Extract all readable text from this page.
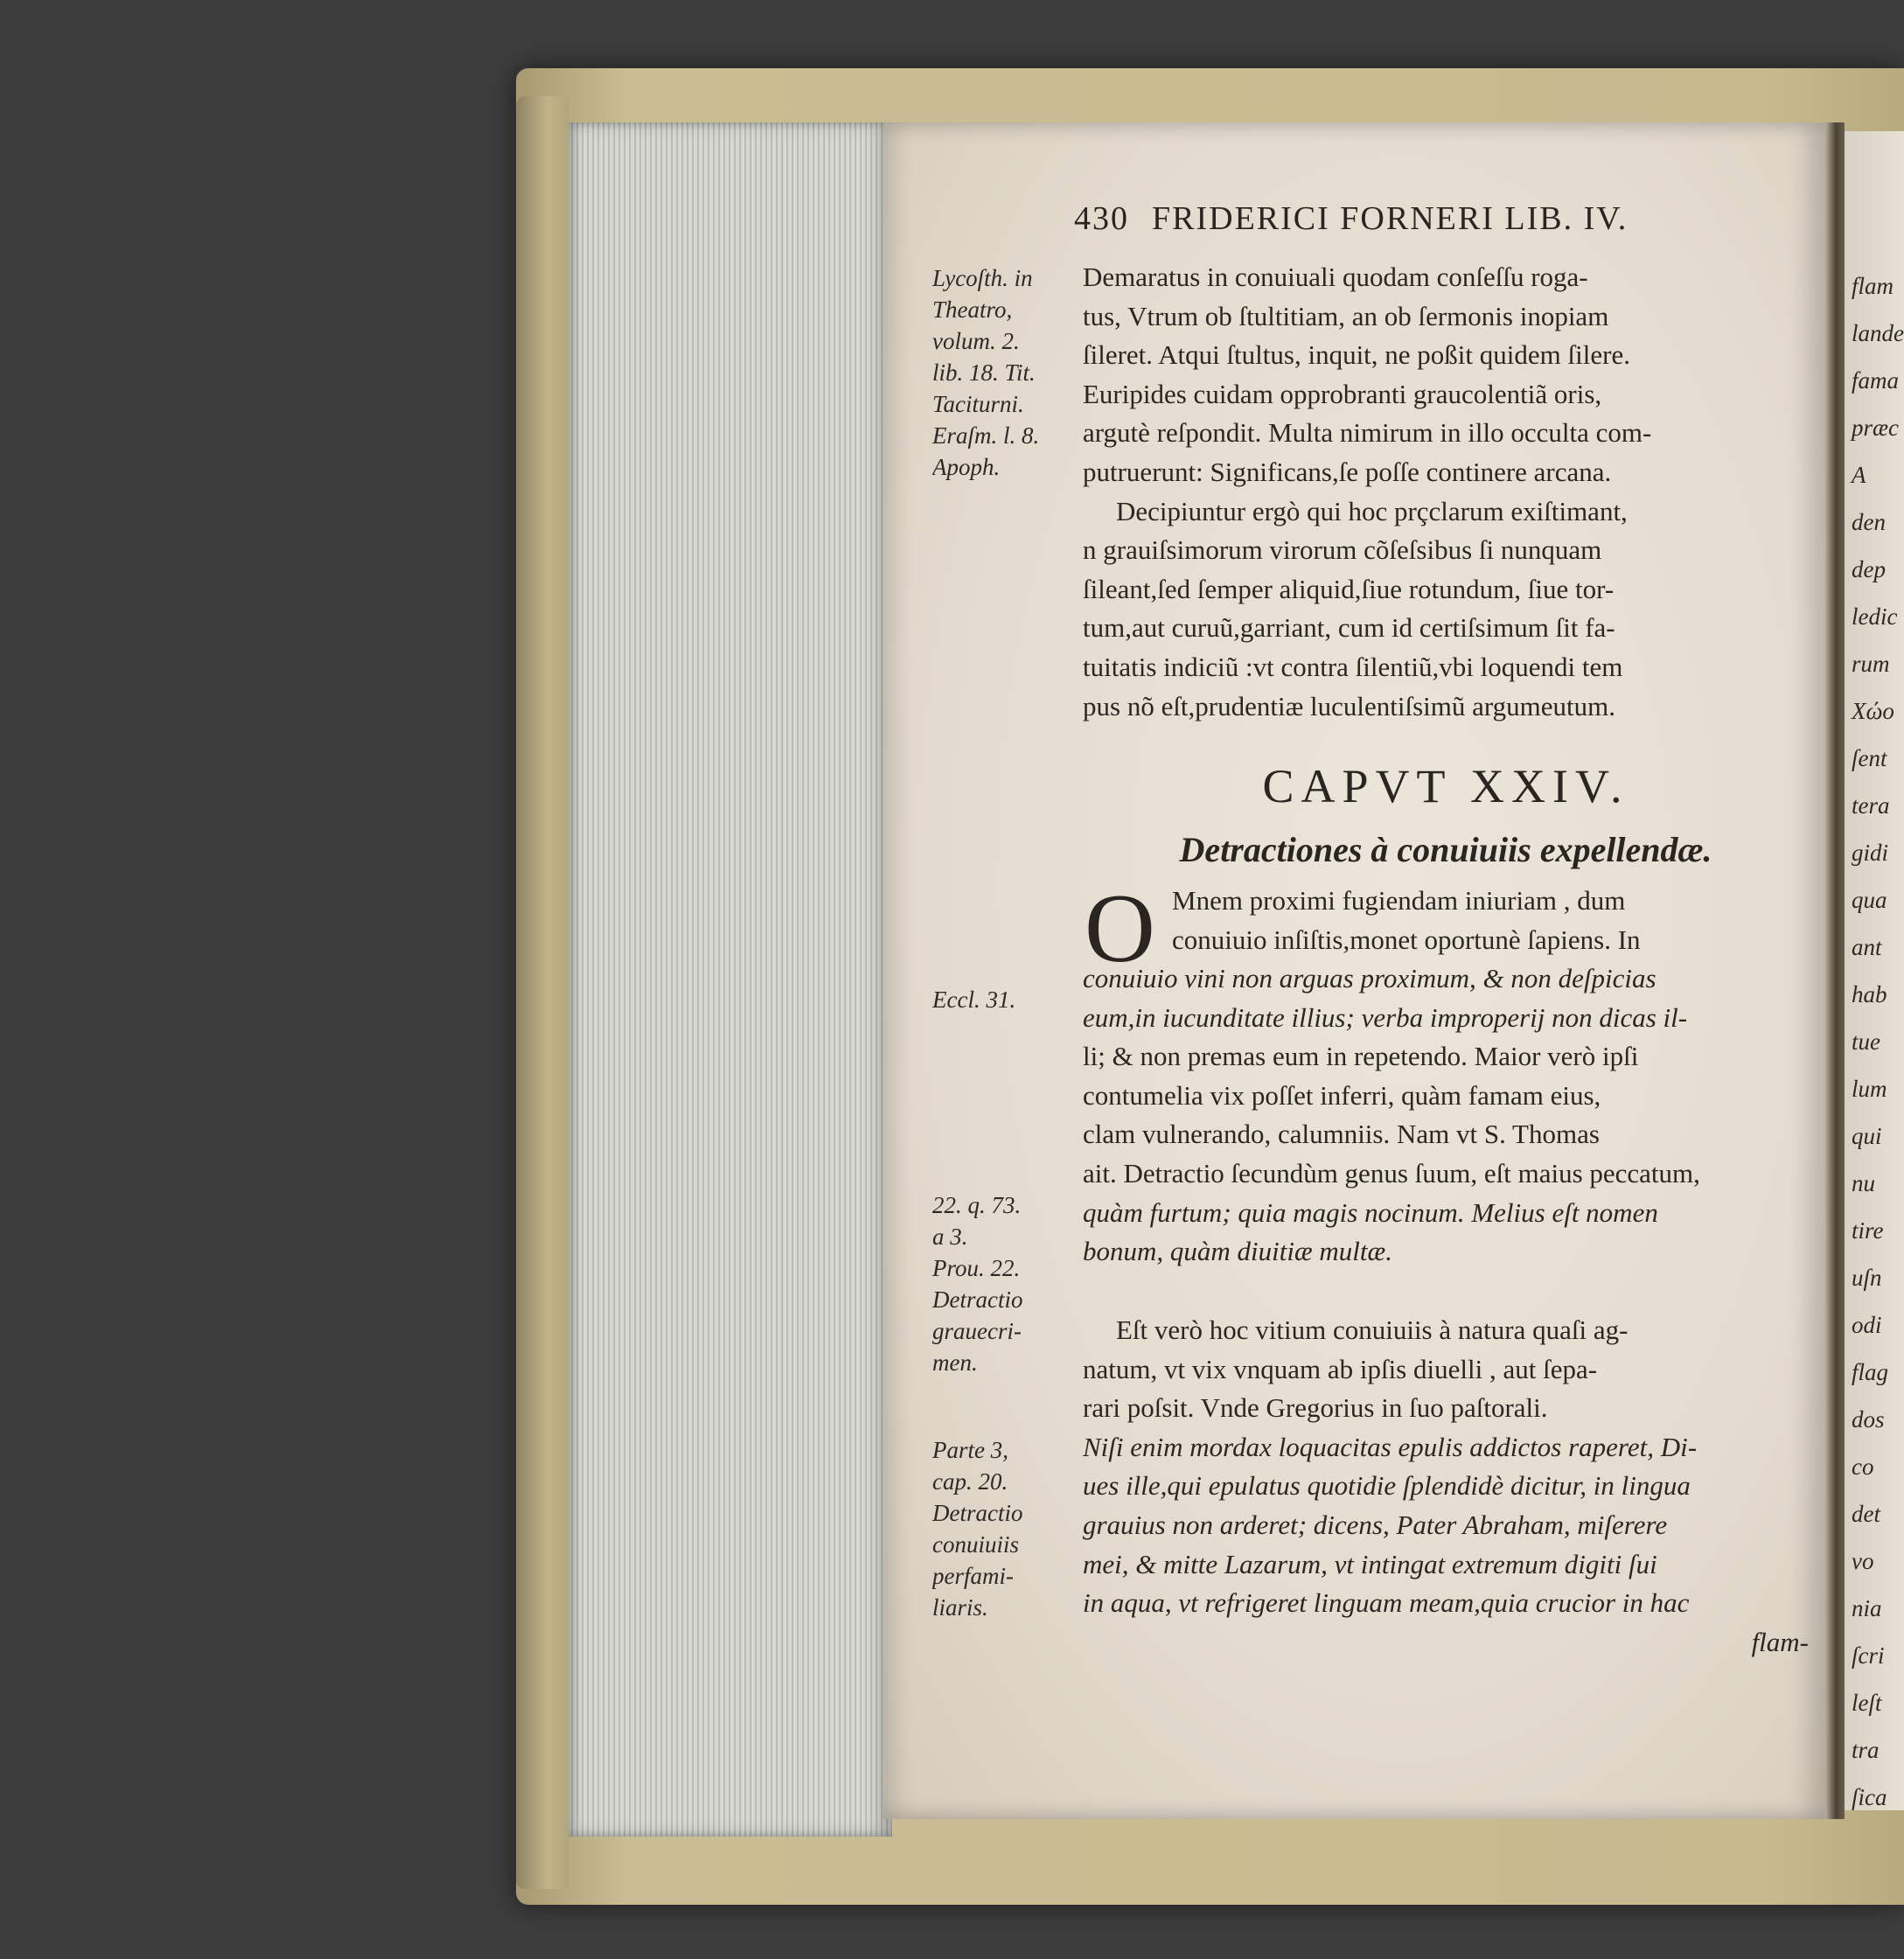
430 FRIDERICI FORNERI LIB. IV.
Demaratus in conuiuali quodam conſeſſu roga-
tus, Vtrum ob ſtultitiam, an ob ſermonis inopiam
ſileret. Atqui ſtultus, inquit, ne poßit quidem ſilere.
Euripides cuidam opprobranti graucolentiã oris,
argutè reſpondit. Multa nimirum in illo occulta com-
putruerunt: Significans,ſe poſſe continere arcana.
Decipiuntur ergò qui hoc prçclarum exiſtimant,
n grauiſsimorum virorum cõſeſsibus ſi nunquam
ſileant,ſed ſemper aliquid,ſiue rotundum, ſiue tor-
tum,aut curuũ,garriant, cum id certiſsimum ſit fa-
tuitatis indiciũ :vt contra ſilentiũ,vbi loquendi tem
pus nõ eſt,prudentiæ luculentiſsimũ argumeutum.
CAPVT XXIV.
Detractiones à conuiuiis expellendæ.
O Mnem proximi fugiendam iniuriam , dum
conuiuio inſiſtis,monet oportunè ſapiens. In
conuiuio vini non arguas proximum, & non deſpicias
eum,in iucunditate illius; verba improperij non dicas il-
li; & non premas eum in repetendo. Maior verò ipſi
contumelia vix poſſet inferri, quàm famam eius,
clam vulnerando, calumniis. Nam vt S. Thomas
ait. Detractio ſecundùm genus ſuum, eſt maius peccatum,
quàm furtum; quia magis nocinum. Melius eſt nomen
bonum, quàm diuitiæ multæ.
Eſt verò hoc vitium conuiuiis à natura quaſi ag-
natum, vt vix vnquam ab ipſis diuelli , aut ſepa-
rari poſsit. Vnde Gregorius in ſuo paſtorali.
Niſi enim mordax loquacitas epulis addictos raperet, Di-
ues ille,qui epulatus quotidie ſplendidè dicitur, in lingua
grauius non arderet; dicens, Pater Abraham, miſerere
mei, & mitte Lazarum, vt intingat extremum digiti ſui
in aqua, vt refrigeret linguam meam,quia crucior in hac
flam-
Lycoſth. in
Theatro,
volum. 2.
lib. 18. Tit.
Taciturni.
Eraſm. l. 8.
Apoph.
Eccl. 31.
22. q. 73.
a 3.
Prou. 22.
Detractio
grauecri-
men.
Parte 3,
cap. 20.
Detractio
conuiuiis
perfami-
liaris.
flam
lande
fama
præc
A
den
dep
ledic
rum
Xώo
ſent
tera
gidi
qua
ant
hab
tue
lum
qui
nu
tire
uſn
odi
flag
dos
co
det
vo
nia
ſcri
leſt
tra
ſica
